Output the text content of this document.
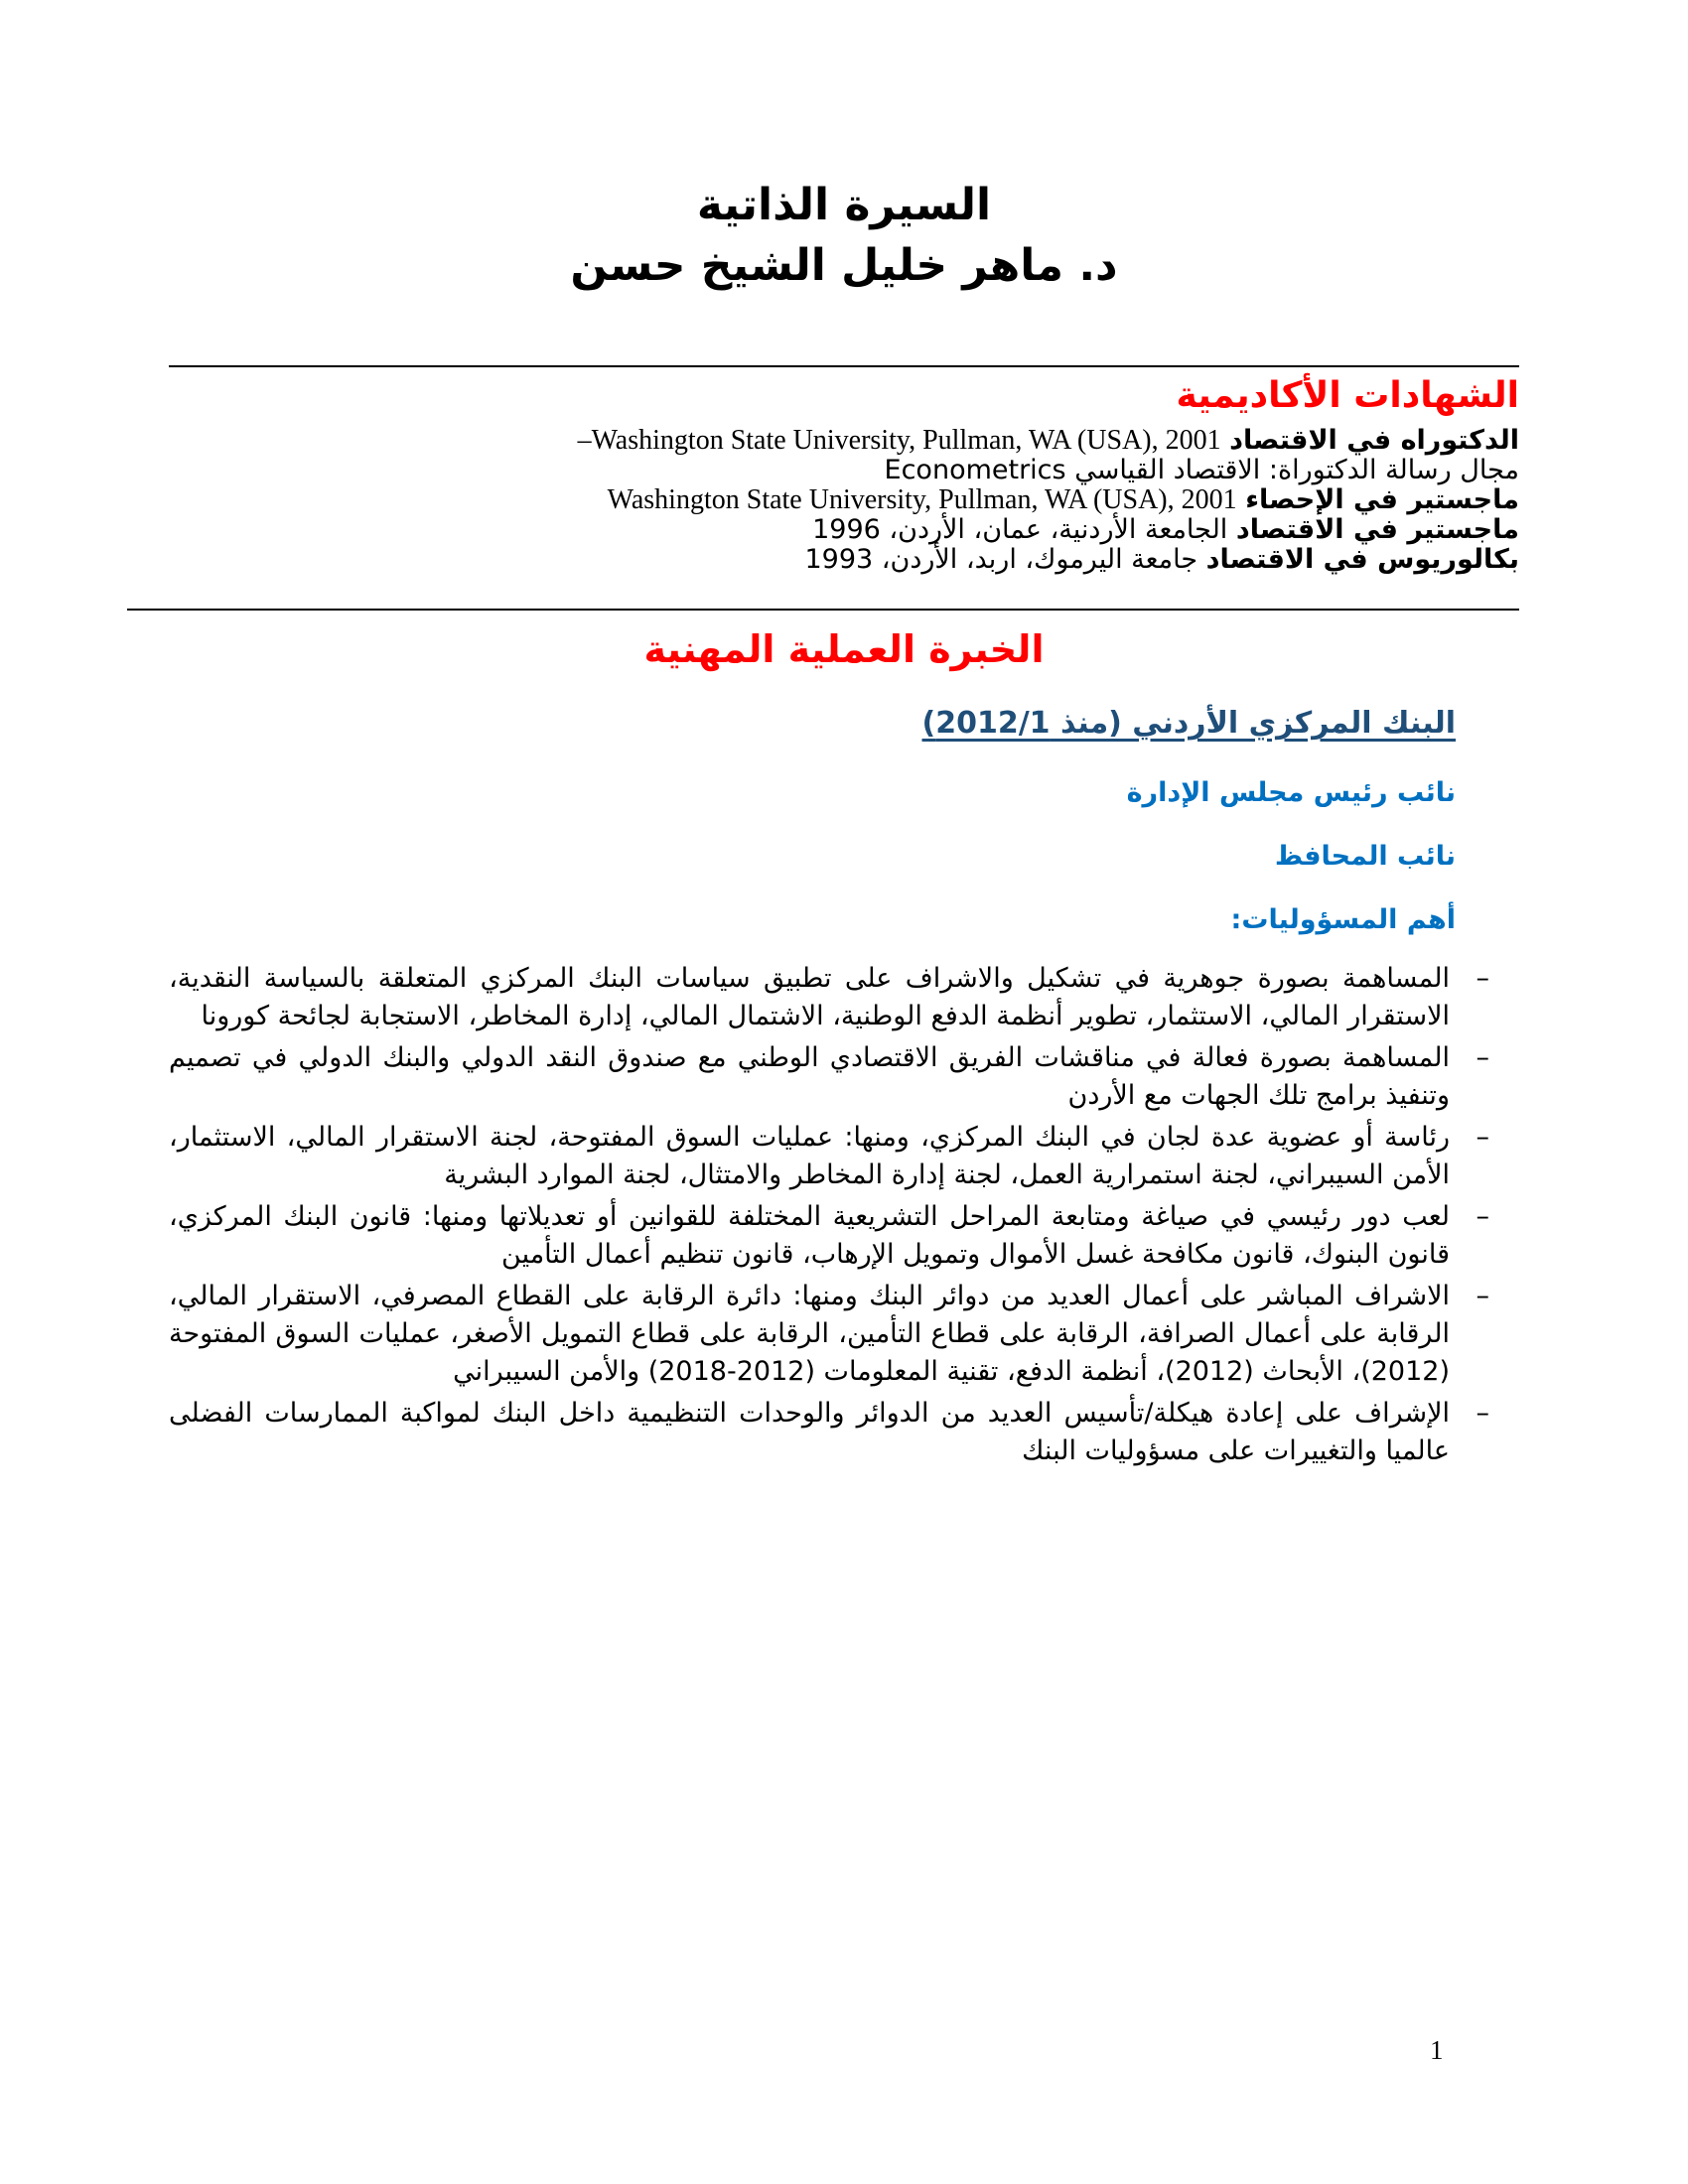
السيرة الذاتية
د. ماهر خليل الشيخ حسن
الشهادات الأكاديمية

الدكتوراه في الاقتصاد –Washington State University, Pullman, WA (USA), 2001

مجال رسالة الدكتوراة: الاقتصاد القياسي Econometrics

ماجستير في الإحصاء Washington State University, Pullman, WA (USA), 2001

ماجستير في الاقتصاد الجامعة الأردنية، عمان، الأردن، 1996

بكالوريوس في الاقتصاد جامعة اليرموك، اربد، الأردن، 1993

الخبرة العملية المهنية

البنك المركزي الأردني (منذ 2012/1)

نائب رئيس مجلس الإدارة

نائب المحافظ

أهم المسؤوليات:

–
المساهمة بصورة جوهرية في تشكيل والاشراف على تطبيق سياسات البنك المركزي المتعلقة بالسياسة النقدية، الاستقرار المالي، الاستثمار، تطوير أنظمة الدفع الوطنية، الاشتمال المالي، إدارة المخاطر، الاستجابة لجائحة كورونا
–
المساهمة بصورة فعالة في مناقشات الفريق الاقتصادي الوطني مع صندوق النقد الدولي والبنك الدولي في تصميم وتنفيذ برامج تلك الجهات مع الأردن
–
رئاسة أو عضوية عدة لجان في البنك المركزي، ومنها: عمليات السوق المفتوحة، لجنة الاستقرار المالي، الاستثمار، الأمن السيبراني، لجنة استمرارية العمل، لجنة إدارة المخاطر والامتثال، لجنة الموارد البشرية
–
لعب دور رئيسي في صياغة ومتابعة المراحل التشريعية المختلفة للقوانين أو تعديلاتها ومنها: قانون البنك المركزي، قانون البنوك، قانون مكافحة غسل الأموال وتمويل الإرهاب، قانون تنظيم أعمال التأمين
–
الاشراف المباشر على أعمال العديد من دوائر البنك ومنها: دائرة الرقابة على القطاع المصرفي، الاستقرار المالي، الرقابة على أعمال الصرافة، الرقابة على قطاع التأمين، الرقابة على قطاع التمويل الأصغر، عمليات السوق المفتوحة (2012)، الأبحاث (2012)، أنظمة الدفع، تقنية المعلومات (2012-2018) والأمن السيبراني
–
الإشراف على إعادة هيكلة/تأسيس العديد من الدوائر والوحدات التنظيمية داخل البنك لمواكبة الممارسات الفضلى عالميا والتغييرات على مسؤوليات البنك
1
